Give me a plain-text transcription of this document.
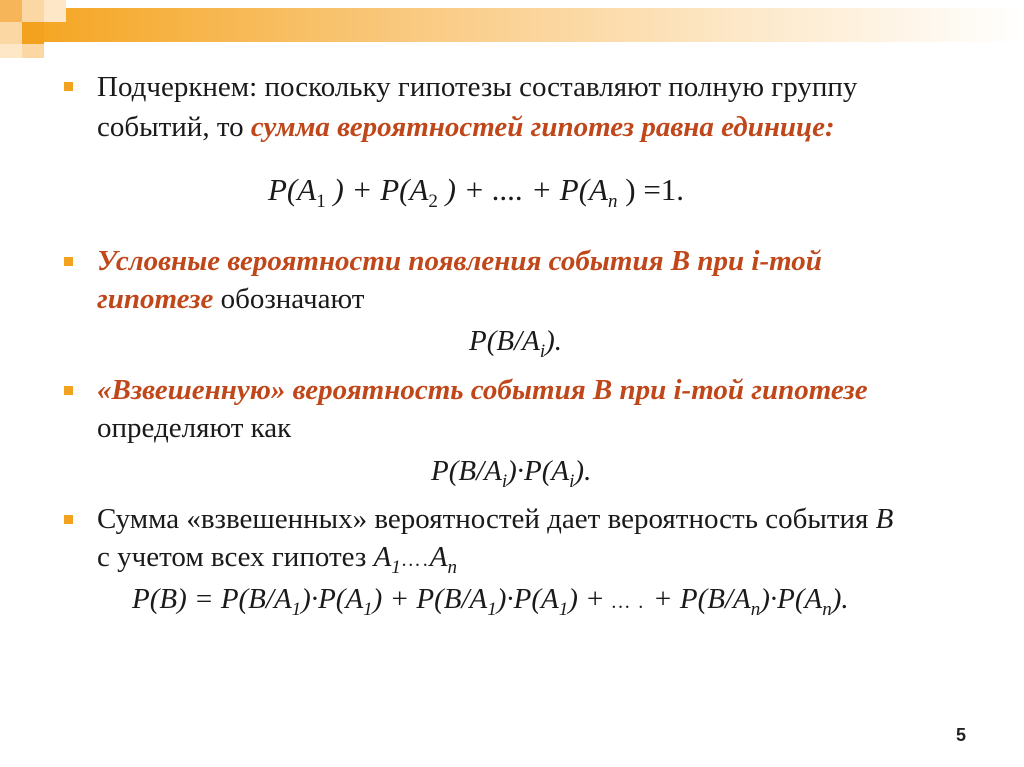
Подчеркнем: поскольку гипотезы составляют полную группу
событий, то сумма вероятностей гипотез равна единице:
$P(A_1$ ) + $P(A_2$ ) + .... + $P(A_n$ ) =1.
Условные вероятности появления события В при i-той
гипотезе обозначают
$P(B/A_i)$.
«Взвешенную» вероятность события В при i-той гипотезе
определяют как
$P(B/A_i)\cdot P(A_i)$.
Сумма «взвешенных» вероятностей дает вероятность события В
с учетом всех гипотез $A_1\dots.A_n$
$P(B) = P(B/A_1)\cdot P(A_1) + P(B/A_1)\cdot P(A_1)$ + … . + $P(B/A_n)\cdot P(A_n)$.
5
